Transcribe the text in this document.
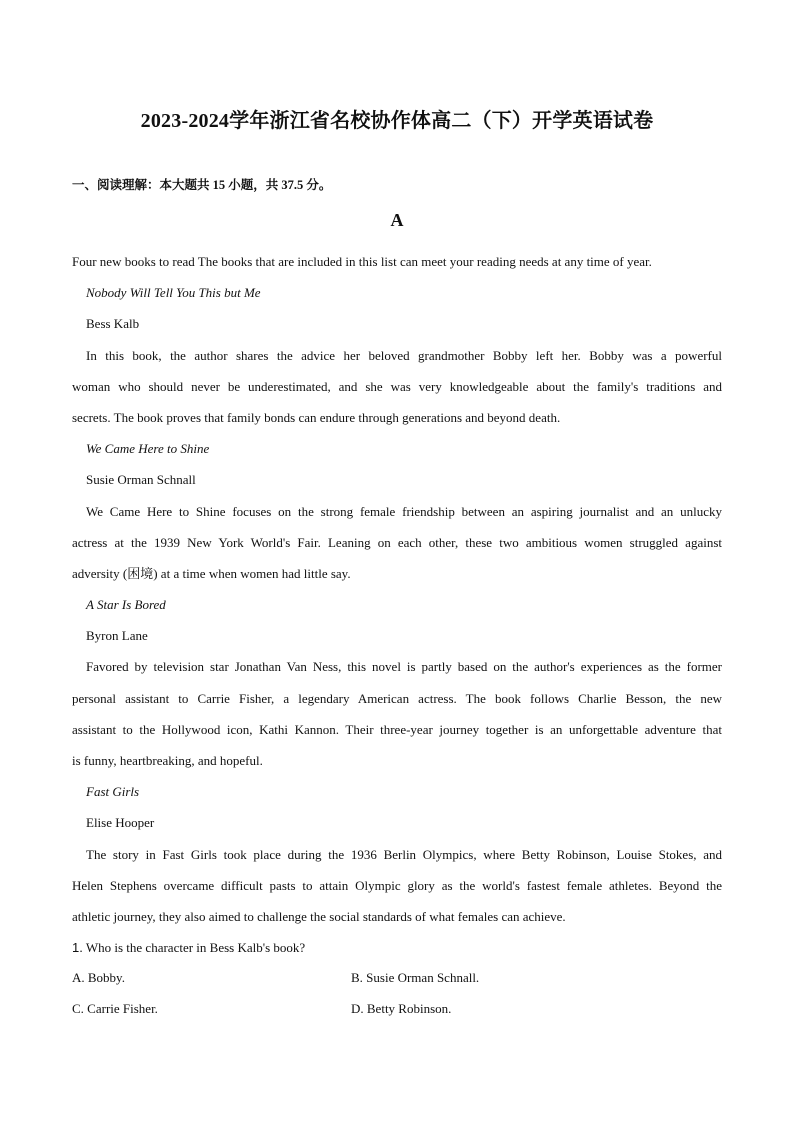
2023-2024学年浙江省名校协作体高二（下）开学英语试卷
一、阅读理解：本大题共 15 小题，共 37.5 分。
A
Four new books to read The books that are included in this list can meet your reading needs at any time of year.
Nobody Will Tell You This but Me
Bess Kalb
In this book, the author shares the advice her beloved grandmother Bobby left her. Bobby was a powerful
woman who should never be underestimated, and she was very knowledgeable about the family's traditions and
secrets. The book proves that family bonds can endure through generations and beyond death.
We Came Here to Shine
Susie Orman Schnall
We Came Here to Shine focuses on the strong female friendship between an aspiring journalist and an unlucky
actress at the 1939 New York World's Fair. Leaning on each other, these two ambitious women struggled against
adversity (困境) at a time when women had little say.
A Star Is Bored
Byron Lane
Favored by television star Jonathan Van Ness, this novel is partly based on the author's experiences as the former
personal assistant to Carrie Fisher, a legendary American actress. The book follows Charlie Besson, the new
assistant to the Hollywood icon, Kathi Kannon. Their three-year journey together is an unforgettable adventure that
is funny, heartbreaking, and hopeful.
Fast Girls
Elise Hooper
The story in Fast Girls took place during the 1936 Berlin Olympics, where Betty Robinson, Louise Stokes, and
Helen Stephens overcame difficult pasts to attain Olympic glory as the world's fastest female athletes. Beyond the
athletic journey, they also aimed to challenge the social standards of what females can achieve.
1. Who is the character in Bess Kalb's book?
A. Bobby.	B. Susie Orman Schnall.
C. Carrie Fisher.	D. Betty Robinson.
